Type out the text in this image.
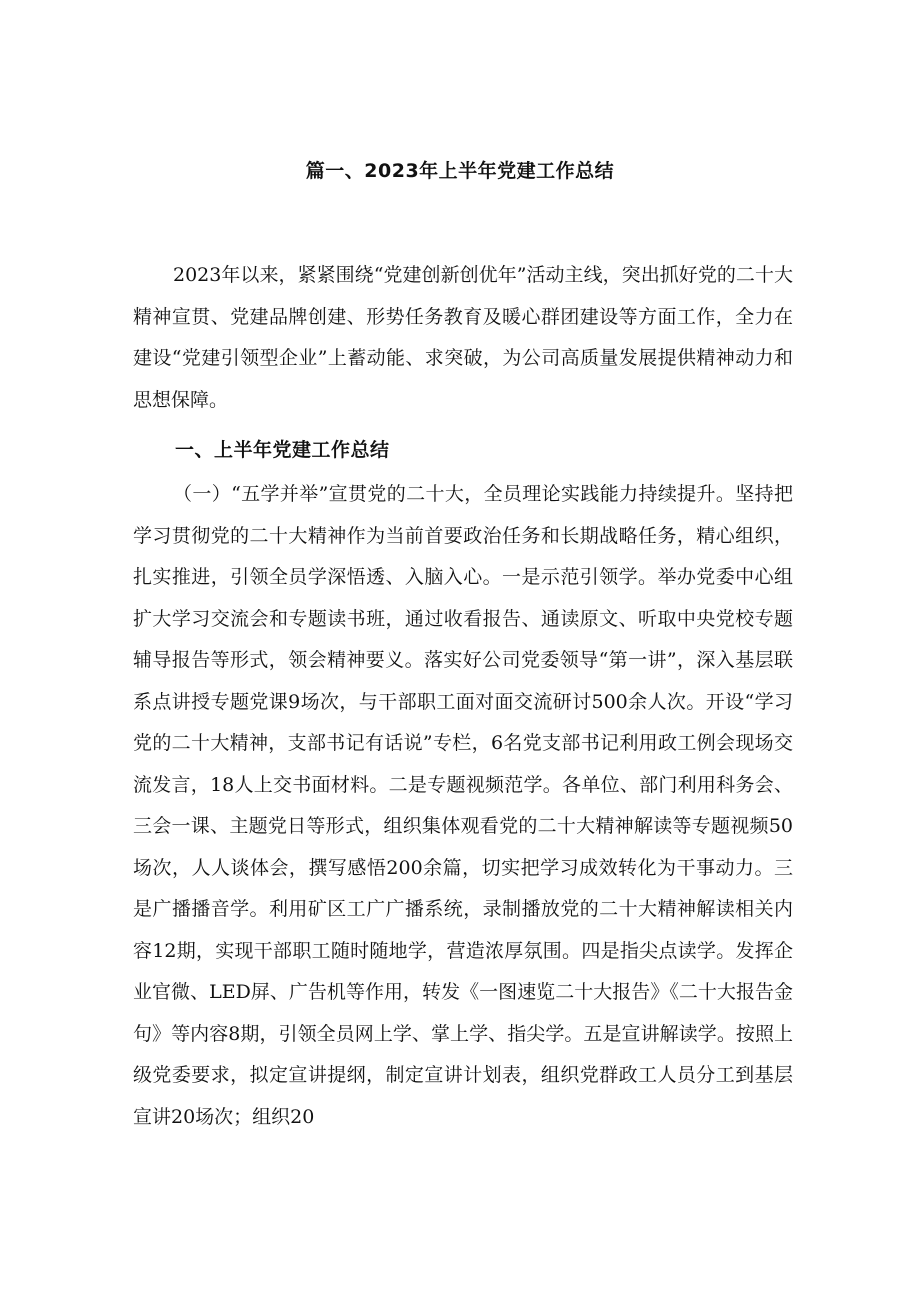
篇一、2023年上半年党建工作总结

2023年以来，紧紧围绕“党建创新创优年”活动主线，突出抓好党的二十大精神宣贯、党建品牌创建、形势任务教育及暖心群团建设等方面工作，全力在建设“党建引领型企业”上蓄动能、求突破，为公司高质量发展提供精神动力和思想保障。

一、上半年党建工作总结

（一）“五学并举”宣贯党的二十大，全员理论实践能力持续提升。坚持把学习贯彻党的二十大精神作为当前首要政治任务和长期战略任务，精心组织，扎实推进，引领全员学深悟透、入脑入心。一是示范引领学。举办党委中心组扩大学习交流会和专题读书班，通过收看报告、通读原文、听取中央党校专题辅导报告等形式，领会精神要义。落实好公司党委领导“第一讲”，深入基层联系点讲授专题党课9场次，与干部职工面对面交流研讨500余人次。开设“学习党的二十大精神，支部书记有话说”专栏，6名党支部书记利用政工例会现场交流发言，18人上交书面材料。二是专题视频范学。各单位、部门利用科务会、三会一课、主题党日等形式，组织集体观看党的二十大精神解读等专题视频50场次，人人谈体会，撰写感悟200余篇，切实把学习成效转化为干事动力。三是广播播音学。利用矿区工广广播系统，录制播放党的二十大精神解读相关内容12期，实现干部职工随时随地学，营造浓厚氛围。四是指尖点读学。发挥企业官微、LED屏、广告机等作用，转发《一图速览二十大报告》《二十大报告金句》等内容8期，引领全员网上学、掌上学、指尖学。五是宣讲解读学。按照上级党委要求，拟定宣讲提纲，制定宣讲计划表，组织党群政工人员分工到基层宣讲20场次；组织20
